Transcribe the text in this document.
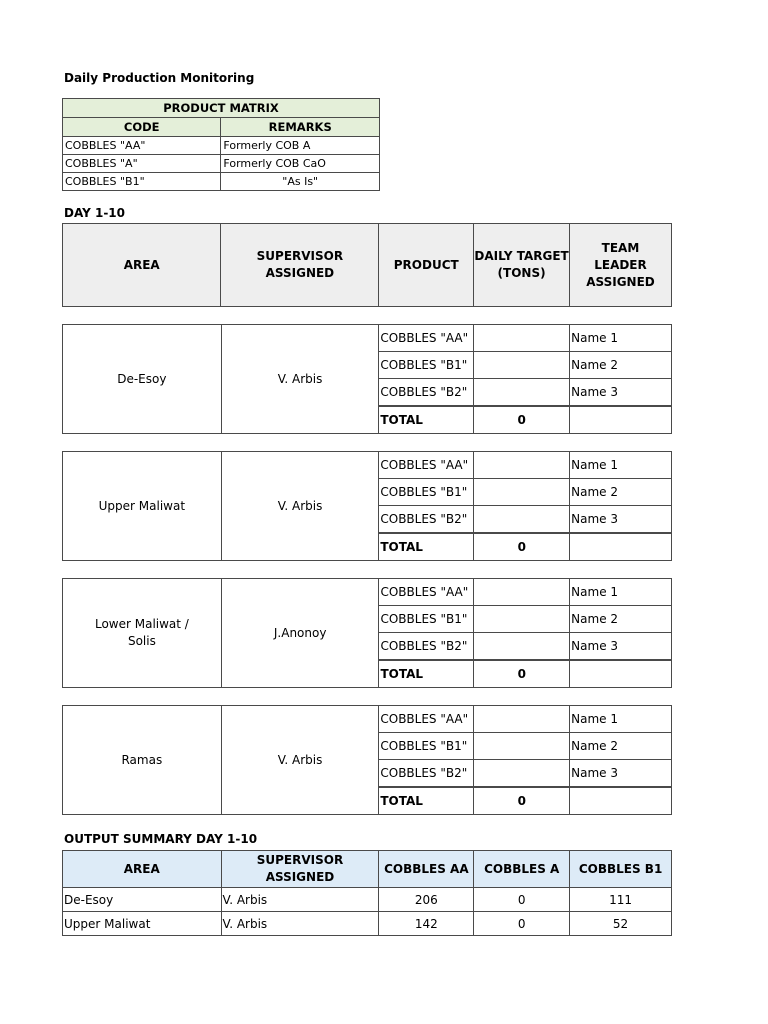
Daily Production Monitoring
PRODUCT MATRIX	
CODE	REMARKS
COBBLES "AA"	Formerly COB A
COBBLES "A"	Formerly COB CaO
COBBLES "B1"	"As Is"
DAY 1-10
AREA	SUPERVISOR ASSIGNED	PRODUCT	DAILY TARGET (TONS)	TEAM LEADER ASSIGNED
De-Esoy	V. Arbis	COBBLES "AA"		Name 1
		COBBLES "B1"		Name 2
		COBBLES "B2"		Name 3
		TOTAL	0	
Upper Maliwat	V. Arbis	COBBLES "AA"		Name 1
		COBBLES "B1"		Name 2
		COBBLES "B2"		Name 3
		TOTAL	0	
Lower Maliwat / Solis	J.Anonoy	COBBLES "AA"		Name 1
		COBBLES "B1"		Name 2
		COBBLES "B2"		Name 3
		TOTAL	0	
Ramas	V. Arbis	COBBLES "AA"		Name 1
		COBBLES "B1"		Name 2
		COBBLES "B2"		Name 3
		TOTAL	0	
OUTPUT SUMMARY DAY 1-10
AREA	SUPERVISOR ASSIGNED	COBBLES AA	COBBLES A	COBBLES B1
De-Esoy	V. Arbis	206	0	111
Upper Maliwat	V. Arbis	142	0	52
